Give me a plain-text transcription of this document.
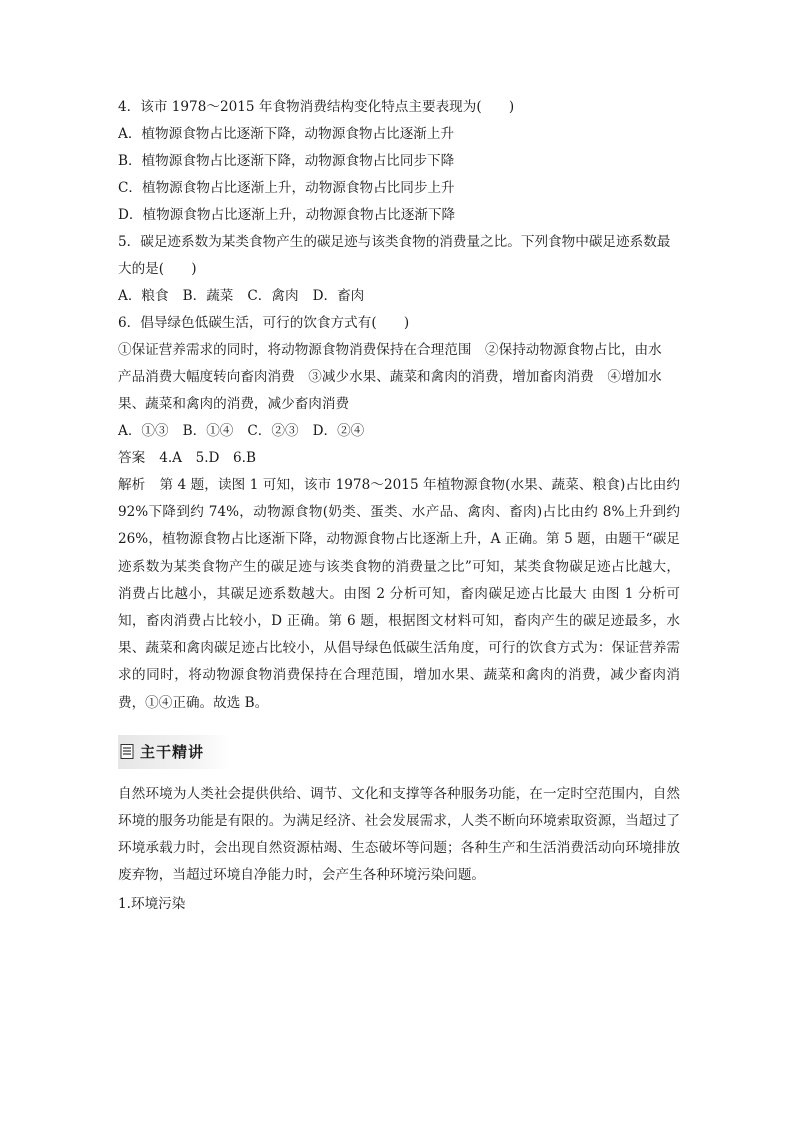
4．该市 1978～2015 年食物消费结构变化特点主要表现为(　　)
A．植物源食物占比逐渐下降，动物源食物占比逐渐上升
B．植物源食物占比逐渐下降，动物源食物占比同步下降
C．植物源食物占比逐渐上升，动物源食物占比同步上升
D．植物源食物占比逐渐上升，动物源食物占比逐渐下降
5．碳足迹系数为某类食物产生的碳足迹与该类食物的消费量之比。下列食物中碳足迹系数最
大的是(　　)
A．粮食 B．蔬菜 C．禽肉 D．畜肉
6．倡导绿色低碳生活，可行的饮食方式有(　　)
①保证营养需求的同时，将动物源食物消费保持在合理范围　②保持动物源食物占比，由水
产品消费大幅度转向畜肉消费　③减少水果、蔬菜和禽肉的消费，增加畜肉消费　④增加水
果、蔬菜和禽肉的消费，减少畜肉消费
A．①③ B．①④ C．②③ D．②④
答案 4.A　5.D　6.B
解析 第 4 题，读图 1 可知，该市 1978～2015 年植物源食物(水果、蔬菜、粮食)占比由约 92%下降到约 74%，动物源食物(奶类、蛋类、水产品、禽肉、畜肉)占比由约 8%上升到约 26%，植物源食物占比逐渐下降，动物源食物占比逐渐上升，A 正确。第 5 题，由题干“碳足迹系数为某类食物产生的碳足迹与该类食物的消费量之比”可知，某类食物碳足迹占比越大，消费占比越小，其碳足迹系数越大。由图 2 分析可知，畜肉碳足迹占比最大 由图 1 分析可知，畜肉消费占比较小，D 正确。第 6 题，根据图文材料可知，畜肉产生的碳足迹最多，水果、蔬菜和禽肉碳足迹占比较小，从倡导绿色低碳生活角度，可行的饮食方式为：保证营养需求的同时，将动物源食物消费保持在合理范围，增加水果、蔬菜和禽肉的消费，减少畜肉消费，①④正确。故选 B。
主干精讲
自然环境为人类社会提供供给、调节、文化和支撑等各种服务功能，在一定时空范围内，自然环境的服务功能是有限的。为满足经济、社会发展需求，人类不断向环境索取资源，当超过了环境承载力时，会出现自然资源枯竭、生态破坏等问题；各种生产和生活消费活动向环境排放废弃物，当超过环境自净能力时，会产生各种环境污染问题。
1.环境污染
